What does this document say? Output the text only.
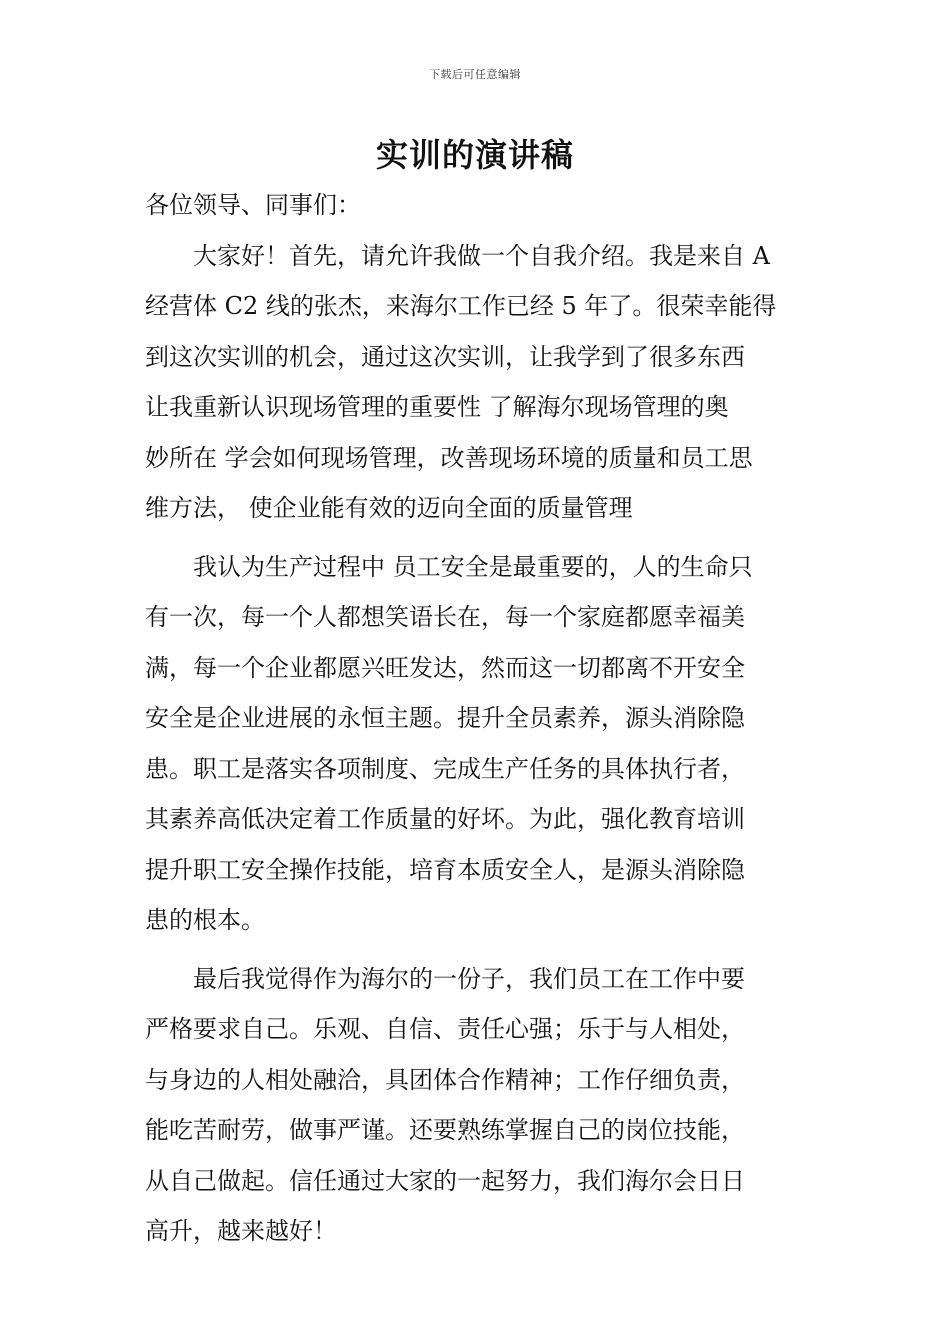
下载后可任意编辑
实训的演讲稿
各位领导、同事们：
　　大家好！首先，请允许我做一个自我介绍。我是来自 A
经营体 C2 线的张杰，来海尔工作已经 5 年了。很荣幸能得
到这次实训的机会，通过这次实训，让我学到了很多东西
让我重新认识现场管理的重要性 了解海尔现场管理的奥
妙所在 学会如何现场管理，改善现场环境的质量和员工思
维方法， 使企业能有效的迈向全面的质量管理
　　我认为生产过程中 员工安全是最重要的，人的生命只
有一次，每一个人都想笑语长在，每一个家庭都愿幸福美
满，每一个企业都愿兴旺发达，然而这一切都离不开安全
安全是企业进展的永恒主题。提升全员素养，源头消除隐
患。职工是落实各项制度、完成生产任务的具体执行者，
其素养高低决定着工作质量的好坏。为此，强化教育培训
提升职工安全操作技能，培育本质安全人，是源头消除隐
患的根本。
　　最后我觉得作为海尔的一份子，我们员工在工作中要
严格要求自己。乐观、自信、责任心强；乐于与人相处，
与身边的人相处融洽，具团体合作精神；工作仔细负责，
能吃苦耐劳，做事严谨。还要熟练掌握自己的岗位技能，
从自己做起。信任通过大家的一起努力，我们海尔会日日
高升，越来越好！
